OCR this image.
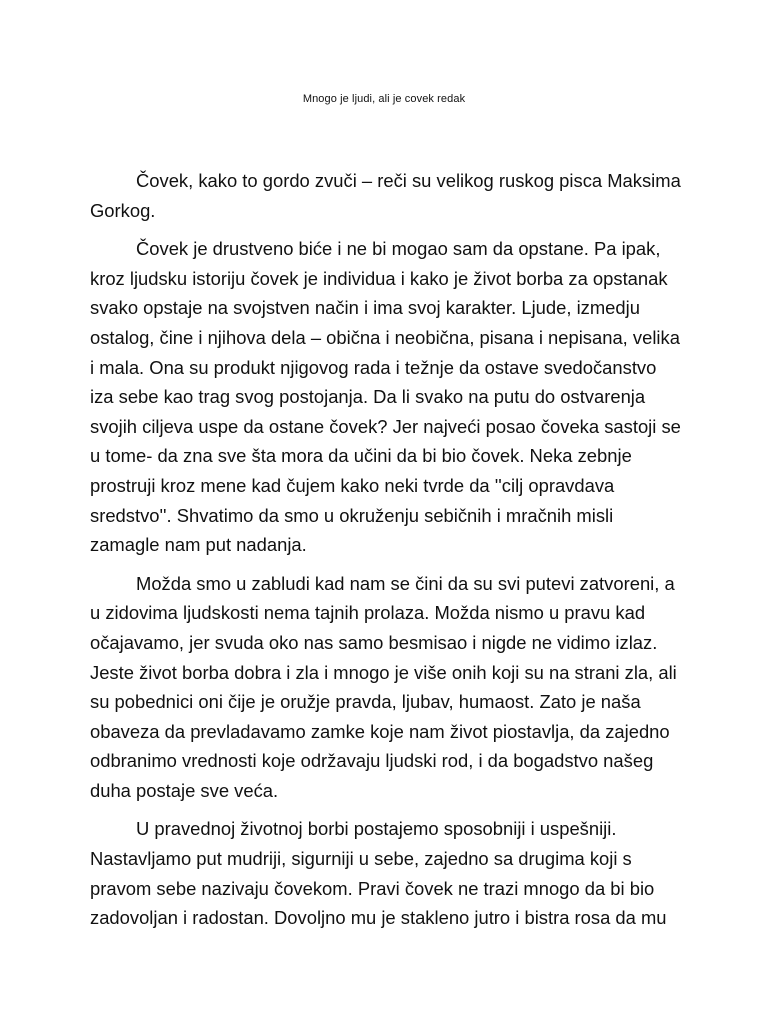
Mnogo je ljudi, ali je covek redak
Čovek, kako to gordo zvuči – reči su velikog ruskog pisca Maksima
Gorkog.
Čovek je drustveno biće i ne bi mogao sam da opstane. Pa ipak,
kroz ljudsku istoriju čovek je individua i kako je život borba za opstanak
svako opstaje na svojstven način i ima svoj karakter. Ljude, izmedju
ostalog, čine i njihova dela – obična i neobična, pisana i nepisana, velika
i mala. Ona su produkt njigovog rada i težnje da ostave svedočanstvo
iza sebe kao trag svog postojanja. Da li svako na putu do ostvarenja
svojih ciljeva uspe da ostane čovek? Jer najveći posao čoveka sastoji se
u tome- da zna sve šta mora da učini da bi bio čovek. Neka zebnje
prostruji kroz mene kad čujem kako neki tvrde da ''cilj opravdava
sredstvo''. Shvatimo da smo u okruženju sebičnih i mračnih misli
zamagle nam put nadanja.
Možda smo u zabludi kad nam se čini da su svi putevi zatvoreni, a
u zidovima ljudskosti nema tajnih prolaza. Možda nismo u pravu kad
očajavamo, jer svuda oko nas samo besmisao i nigde ne vidimo izlaz.
Jeste život borba dobra i zla i mnogo je više onih koji su na strani zla, ali
su pobednici oni čije je oružje pravda, ljubav, humaost. Zato je naša
obaveza da prevladavamo zamke koje nam život piostavlja, da zajedno
odbranimo vrednosti koje održavaju ljudski rod, i da bogadstvo našeg
duha postaje sve veća.
U pravednoj životnoj borbi postajemo sposobniji i uspešniji.
Nastavljamo put mudriji, sigurniji u sebe, zajedno sa drugima koji s
pravom sebe nazivaju čovekom. Pravi čovek ne trazi mnogo da bi bio
zadovoljan i radostan. Dovoljno mu je stakleno jutro i bistra rosa da mu
